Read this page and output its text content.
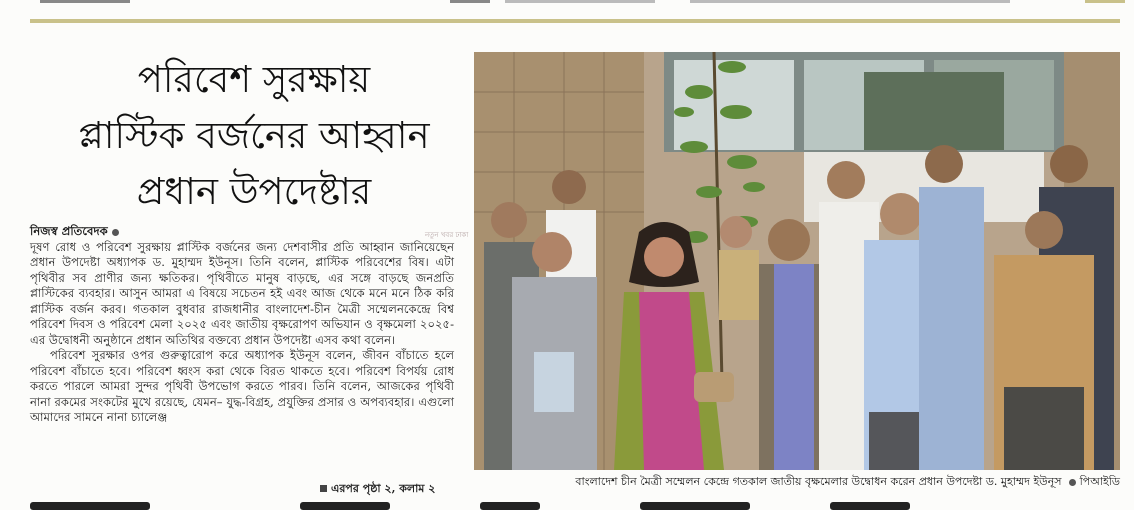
পরিবেশ সুরক্ষায়
প্লাস্টিক বর্জনের আহ্বান
প্রধান উপদেষ্টার
নতুন খবর ঢাকা

নিজস্ব প্রতিবেদক

দূষণ রোধ ও পরিবেশ সুরক্ষায় প্লাস্টিক বর্জনের জন্য দেশবাসীর প্রতি আহ্বান জানিয়েছেন প্রধান উপদেষ্টা অধ্যাপক ড. মুহাম্মদ ইউনূস। তিনি বলেন, প্লাস্টিক পরিবেশের বিষ। এটা পৃথিবীর সব প্রাণীর জন্য ক্ষতিকর। পৃথিবীতে মানুষ বাড়ছে, এর সঙ্গে বাড়ছে জনপ্রতি প্লাস্টিকের ব্যবহার। আসুন আমরা এ বিষয়ে সচেতন হই এবং আজ থেকে মনে মনে ঠিক করি প্লাস্টিক বর্জন করব। গতকাল বুধবার রাজধানীর বাংলাদেশ-চীন মৈত্রী সম্মেলনকেন্দ্রে বিশ্ব পরিবেশ দিবস ও পরিবেশ মেলা ২০২৫ এবং জাতীয় বৃক্ষরোপণ অভিযান ও বৃক্ষমেলা ২০২৫-এর উদ্বোধনী অনুষ্ঠানে প্রধান অতিথির বক্তব্যে প্রধান উপদেষ্টা এসব কথা বলেন।

পরিবেশ সুরক্ষার ওপর গুরুত্বারোপ করে অধ্যাপক ইউনূস বলেন, জীবন বাঁচাতে হলে পরিবেশ বাঁচাতে হবে। পরিবেশ ধ্বংস করা থেকে বিরত থাকতে হবে। পরিবেশ বিপর্যয় রোধ করতে পারলে আমরা সুন্দর পৃথিবী উপভোগ করতে পারব। তিনি বলেন, আজকের পৃথিবী নানা রকমের সংকটের মুখে রয়েছে, যেমন– যুদ্ধ-বিগ্রহ, প্রযুক্তির প্রসার ও অপব্যবহার। এগুলো আমাদের সামনে নানা চ্যালেঞ্জ

এরপর পৃষ্ঠা ২, কলাম ২
বাংলাদেশ চীন মৈত্রী সম্মেলন কেন্দ্রে গতকাল জাতীয় বৃক্ষমেলার উদ্বোধন করেন প্রধান উপদেষ্টা ড. মুহাম্মদ ইউনূস পিআইডি
